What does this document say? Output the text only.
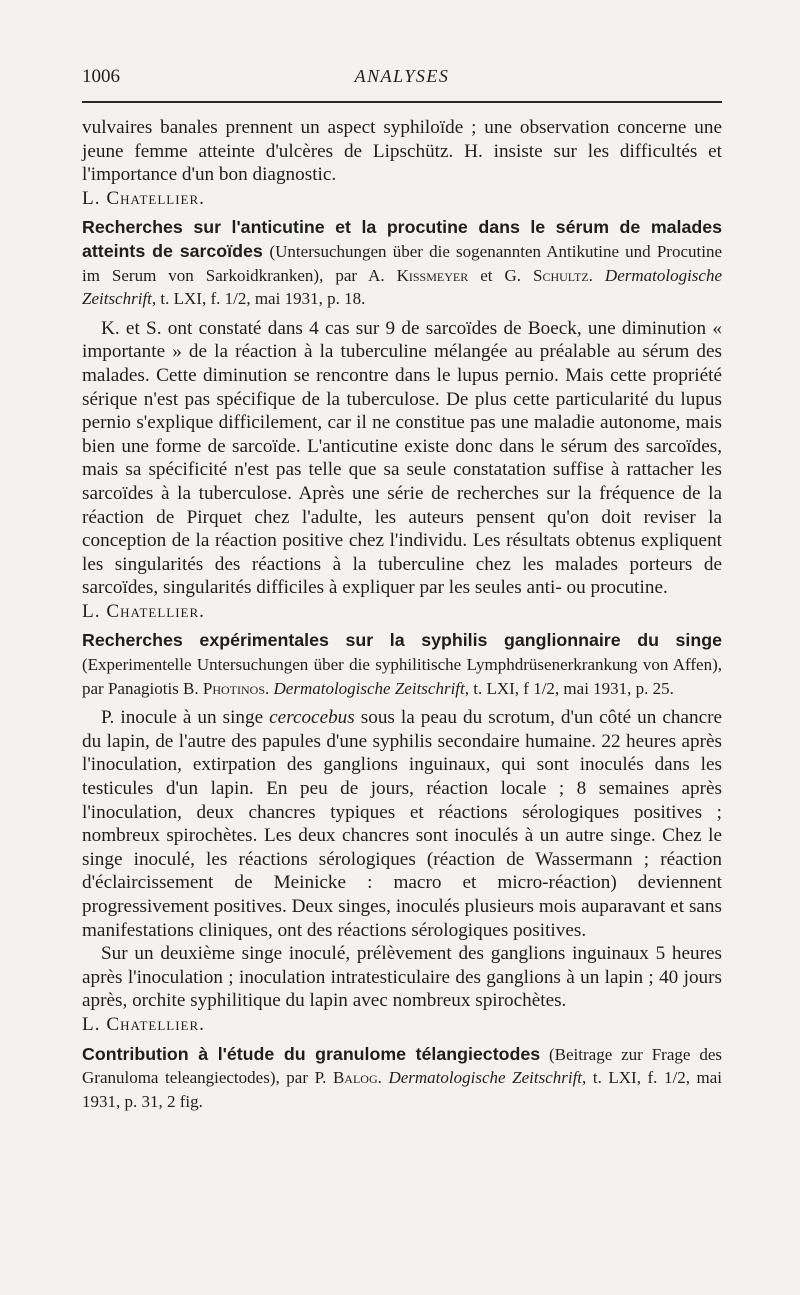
1006	ANALYSES

vulvaires banales prennent un aspect syphiloïde ; une observation concerne une jeune femme atteinte d'ulcères de Lipschütz. H. insiste sur les difficultés et l'importance d'un bon diagnostic.

L. Chatellier.

Recherches sur l'anticutine et la procutine dans le sérum de malades atteints de sarcoïdes (Untersuchungen über die sogenannten Antikutine und Procutine im Serum von Sarkoidkranken), par A. Kissmeyer et G. Schultz. Dermatologische Zeitschrift, t. LXI, f. 1/2, mai 1931, p. 18.

K. et S. ont constaté dans 4 cas sur 9 de sarcoïdes de Boeck, une diminution « importante » de la réaction à la tuberculine mélangée au préalable au sérum des malades. Cette diminution se rencontre dans le lupus pernio. Mais cette propriété sérique n'est pas spécifique de la tuberculose. De plus cette particularité du lupus pernio s'explique difficilement, car il ne constitue pas une maladie autonome, mais bien une forme de sarcoïde. L'anticutine existe donc dans le sérum des sarcoïdes, mais sa spécificité n'est pas telle que sa seule constatation suffise à rattacher les sarcoïdes à la tuberculose. Après une série de recherches sur la fréquence de la réaction de Pirquet chez l'adulte, les auteurs pensent qu'on doit reviser la conception de la réaction positive chez l'individu. Les résultats obtenus expliquent les singularités des réactions à la tuberculine chez les malades porteurs de sarcoïdes, singularités difficiles à expliquer par les seules anti- ou procutine.

L. Chatellier.

Recherches expérimentales sur la syphilis ganglionnaire du singe (Experimentelle Untersuchungen über die syphilitische Lymphdrüsenerkrankung von Affen), par Panagiotis B. Photinos. Dermatologische Zeitschrift, t. LXI, f 1/2, mai 1931, p. 25.

P. inocule à un singe cercocebus sous la peau du scrotum, d'un côté un chancre du lapin, de l'autre des papules d'une syphilis secondaire humaine. 22 heures après l'inoculation, extirpation des ganglions inguinaux, qui sont inoculés dans les testicules d'un lapin. En peu de jours, réaction locale ; 8 semaines après l'inoculation, deux chancres typiques et réactions sérologiques positives ; nombreux spirochètes. Les deux chancres sont inoculés à un autre singe. Chez le singe inoculé, les réactions sérologiques (réaction de Wassermann ; réaction d'éclaircissement de Meinicke : macro et micro-réaction) deviennent progressivement positives. Deux singes, inoculés plusieurs mois auparavant et sans manifestations cliniques, ont des réactions sérologiques positives.

Sur un deuxième singe inoculé, prélèvement des ganglions inguinaux 5 heures après l'inoculation ; inoculation intratesticulaire des ganglions à un lapin ; 40 jours après, orchite syphilitique du lapin avec nombreux spirochètes.

L. Chatellier.

Contribution à l'étude du granulome télangiectodes (Beitrage zur Frage des Granuloma teleangiectodes), par P. Balog. Dermatologische Zeitschrift, t. LXI, f. 1/2, mai 1931, p. 31, 2 fig.
